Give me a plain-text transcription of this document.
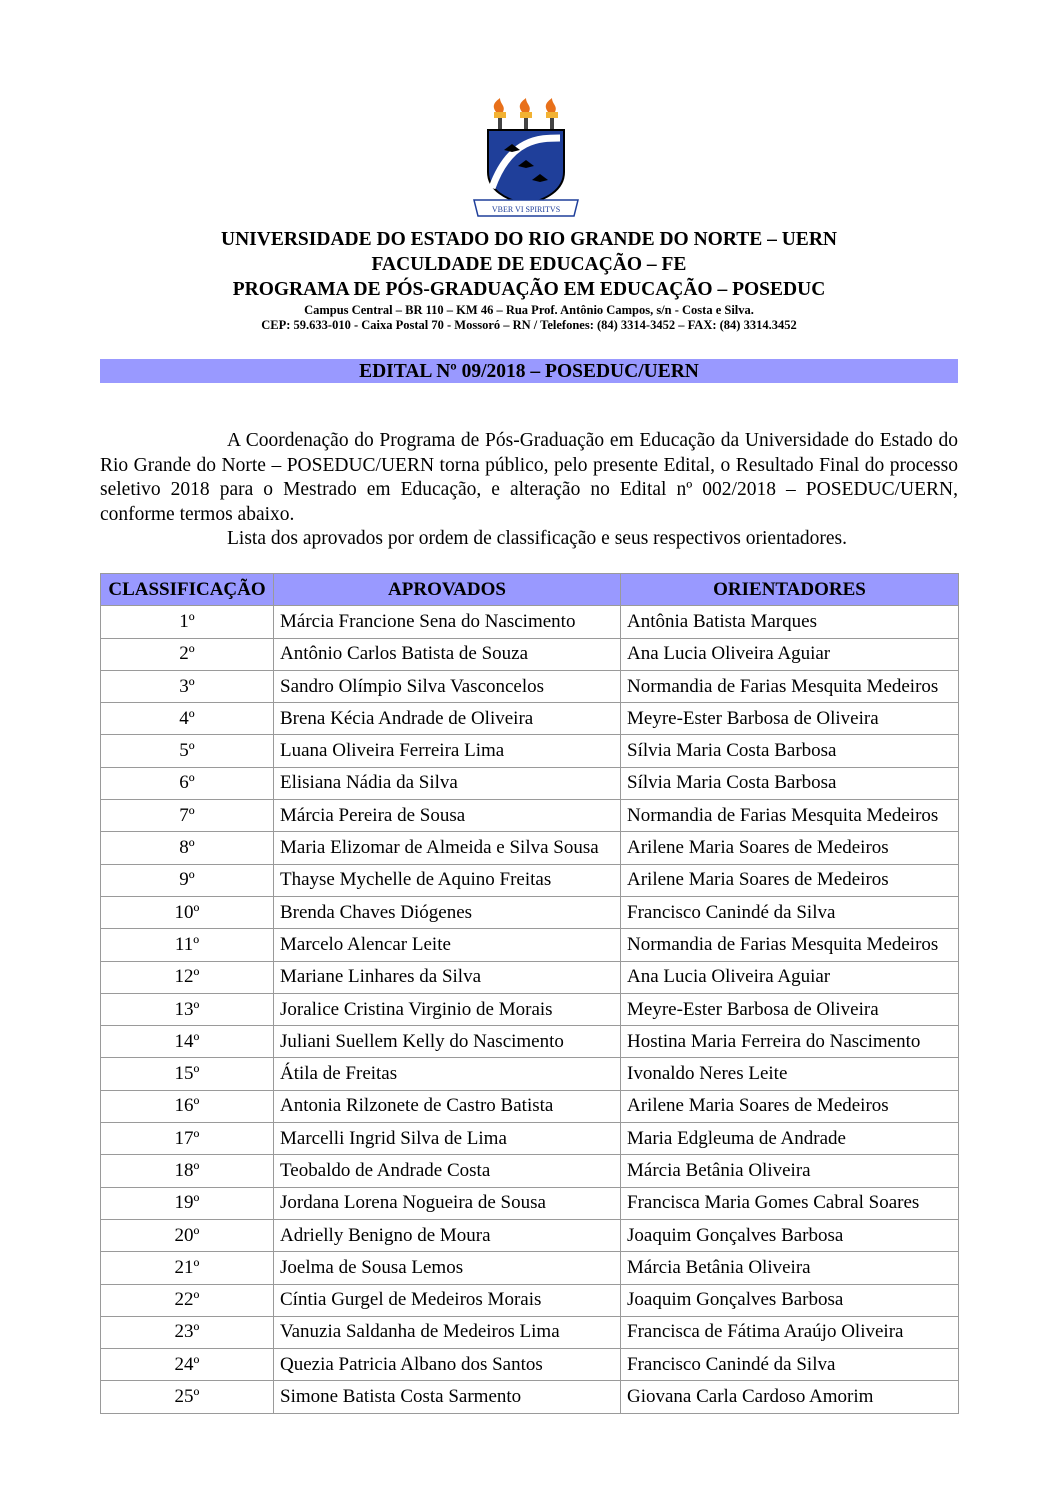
VBER VI SPIRITVS
UNIVERSIDADE DO ESTADO DO RIO GRANDE DO NORTE – UERN
FACULDADE DE EDUCAÇÃO – FE
PROGRAMA DE PÓS-GRADUAÇÃO EM EDUCAÇÃO – POSEDUC
Campus Central – BR 110 – KM 46 – Rua Prof. Antônio Campos, s/n - Costa e Silva.
CEP: 59.633-010 - Caixa Postal 70 - Mossoró – RN / Telefones: (84) 3314-3452 – FAX: (84) 3314.3452
EDITAL Nº 09/2018 – POSEDUC/UERN
A Coordenação do Programa de Pós-Graduação em Educação da Universidade do Estado do Rio Grande do Norte – POSEDUC/UERN torna público, pelo presente Edital, o Resultado Final do processo seletivo 2018 para o Mestrado em Educação, e alteração no Edital nº 002/2018 – POSEDUC/UERN, conforme termos abaixo.
Lista dos aprovados por ordem de classificação e seus respectivos orientadores.
CLASSIFICAÇÃO	APROVADOS	ORIENTADORES
1º	Márcia Francione Sena do Nascimento	Antônia Batista Marques
2º	Antônio Carlos Batista de Souza	Ana Lucia Oliveira Aguiar
3º	Sandro Olímpio Silva Vasconcelos	Normandia de Farias Mesquita Medeiros
4º	Brena Kécia Andrade de Oliveira	Meyre-Ester Barbosa de Oliveira
5º	Luana Oliveira Ferreira Lima	Sílvia Maria Costa Barbosa
6º	Elisiana Nádia da Silva	Sílvia Maria Costa Barbosa
7º	Márcia Pereira de Sousa	Normandia de Farias Mesquita Medeiros
8º	Maria Elizomar de Almeida e Silva Sousa	Arilene Maria Soares de Medeiros
9º	Thayse Mychelle de Aquino Freitas	Arilene Maria Soares de Medeiros
10º	Brenda Chaves Diógenes	Francisco Canindé da Silva
11º	Marcelo Alencar Leite	Normandia de Farias Mesquita Medeiros
12º	Mariane Linhares da Silva	Ana Lucia Oliveira Aguiar
13º	Joralice Cristina Virginio de Morais	Meyre-Ester Barbosa de Oliveira
14º	Juliani Suellem Kelly do Nascimento	Hostina Maria Ferreira do Nascimento
15º	Átila de Freitas	Ivonaldo Neres Leite
16º	Antonia Rilzonete de Castro Batista	Arilene Maria Soares de Medeiros
17º	Marcelli Ingrid Silva de Lima	Maria Edgleuma de Andrade
18º	Teobaldo de Andrade Costa	Márcia Betânia Oliveira
19º	Jordana Lorena Nogueira de Sousa	Francisca Maria Gomes Cabral Soares
20º	Adrielly Benigno de Moura	Joaquim Gonçalves Barbosa
21º	Joelma de Sousa Lemos	Márcia Betânia Oliveira
22º	Cíntia Gurgel de Medeiros Morais	Joaquim Gonçalves Barbosa
23º	Vanuzia Saldanha de Medeiros Lima	Francisca de Fátima Araújo Oliveira
24º	Quezia Patricia Albano dos Santos	Francisco Canindé da Silva
25º	Simone Batista Costa Sarmento	Giovana Carla Cardoso Amorim
